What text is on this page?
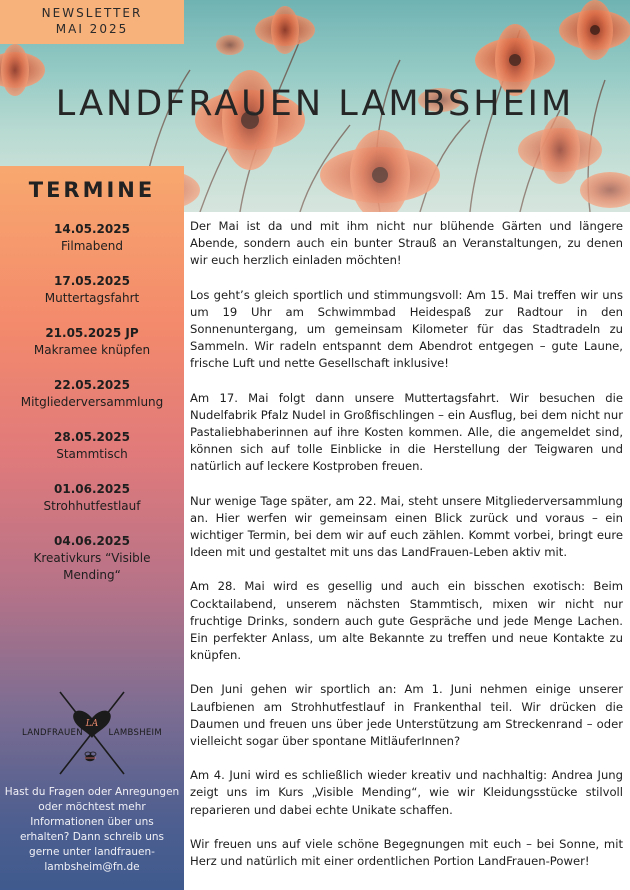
LANDFRAUEN LAMBSHEIM
NEWSLETTER
MAI 2025
TERMINE
14.05.2025
Filmabend
17.05.2025
Muttertagsfahrt
21.05.2025 JP
Makramee knüpfen
22.05.2025
Mitgliederversammlung
28.05.2025
Stammtisch
01.06.2025
Strohhutfestlauf
04.06.2025
Kreativkurs “Visible Mending“
LA
LANDFRAUEN	LAMBSHEIM
Hast du Fragen oder Anregungen oder möchtest mehr Informationen über uns erhalten? Dann schreib uns gerne unter landfrauen-lambsheim@fn.de

Der Mai ist da und mit ihm nicht nur blühende Gärten und längere Abende, sondern auch ein bunter Strauß an Veranstaltungen, zu denen wir euch herzlich einladen möchten!

Los geht’s gleich sportlich und stimmungsvoll: Am 15. Mai treffen wir uns um 19 Uhr am Schwimmbad Heidespaß zur Radtour in den Sonnenuntergang, um gemeinsam Kilometer für das Stadtradeln zu Sammeln. Wir radeln entspannt dem Abendrot entgegen – gute Laune, frische Luft und nette Gesellschaft inklusive!

Am 17. Mai folgt dann unsere Muttertagsfahrt. Wir besuchen die Nudelfabrik Pfalz Nudel in Großfischlingen – ein Ausflug, bei dem nicht nur Pastaliebhaberinnen auf ihre Kosten kommen. Alle, die angemeldet sind, können sich auf tolle Einblicke in die Herstellung der Teigwaren und natürlich auf leckere Kostproben freuen.

Nur wenige Tage später, am 22. Mai, steht unsere Mitgliederversammlung an. Hier werfen wir gemeinsam einen Blick zurück und voraus – ein wichtiger Termin, bei dem wir auf euch zählen. Kommt vorbei, bringt eure Ideen mit und gestaltet mit uns das LandFrauen-Leben aktiv mit.

Am 28. Mai wird es gesellig und auch ein bisschen exotisch: Beim Cocktailabend, unserem nächsten Stammtisch, mixen wir nicht nur fruchtige Drinks, sondern auch gute Gespräche und jede Menge Lachen. Ein perfekter Anlass, um alte Bekannte zu treffen und neue Kontakte zu knüpfen.

Den Juni gehen wir sportlich an: Am 1. Juni nehmen einige unserer Laufbienen am Strohhutfestlauf in Frankenthal teil. Wir drücken die Daumen und freuen uns über jede Unterstützung am Streckenrand – oder vielleicht sogar über spontane MitläuferInnen?

Am 4. Juni wird es schließlich wieder kreativ und nachhaltig: Andrea Jung zeigt uns im Kurs „Visible Mending“, wie wir Kleidungsstücke stilvoll reparieren und dabei echte Unikate schaffen.

Wir freuen uns auf viele schöne Begegnungen mit euch – bei Sonne, mit Herz und natürlich mit einer ordentlichen Portion LandFrauen-Power!
